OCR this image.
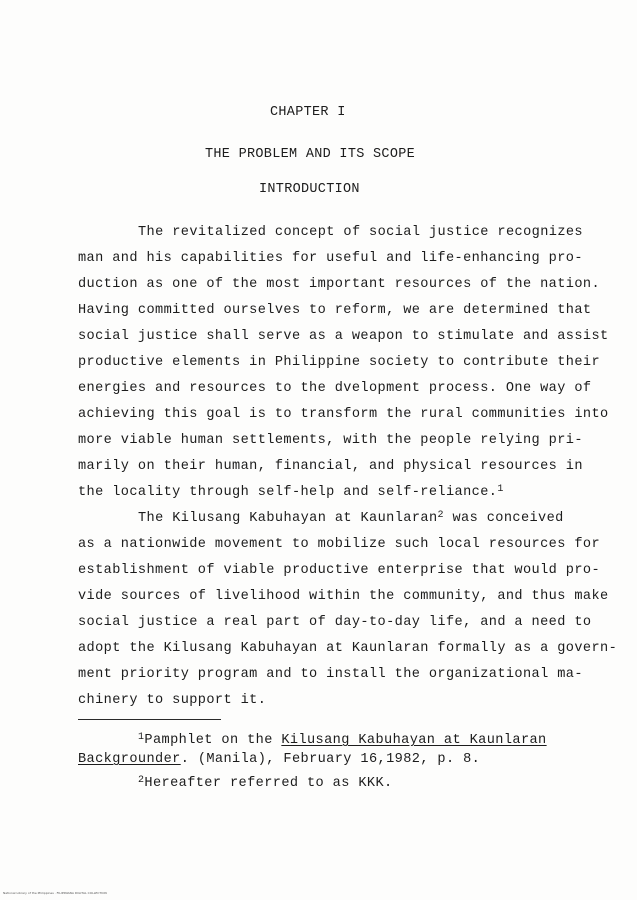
CHAPTER I
THE PROBLEM AND ITS SCOPE
INTRODUCTION
The revitalized concept of social justice recognizes
man and his capabilities for useful and life-enhancing pro-
duction as one of the most important resources of the nation.
Having committed ourselves to reform, we are determined that
social justice shall serve as a weapon to stimulate and assist
productive elements in Philippine society to contribute their
energies and resources to the dvelopment process. One way of
achieving this goal is to transform the rural communities into
more viable human settlements, with the people relying pri-
marily on their human, financial, and physical resources in
the locality through self-help and self-reliance.$^1$
The Kilusang Kabuhayan at Kaunlaran$^2$ was conceived
as a nationwide movement to mobilize such local resources for
establishment of viable productive enterprise that would pro-
vide sources of livelihood within the community, and thus make
social justice a real part of day-to-day life, and a need to
adopt the Kilusang Kabuhayan at Kaunlaran formally as a govern-
ment priority program and to install the organizational ma-
chinery to support it.
$^1$Pamphlet on the Kilusang Kabuhayan at Kaunlaran
Backgrounder. (Manila), February 16,1982, p. 8.
$^2$Hereafter referred to as KKK.
National Library of the Philippines · FILIPINIANA DIGITAL COLLECTION
